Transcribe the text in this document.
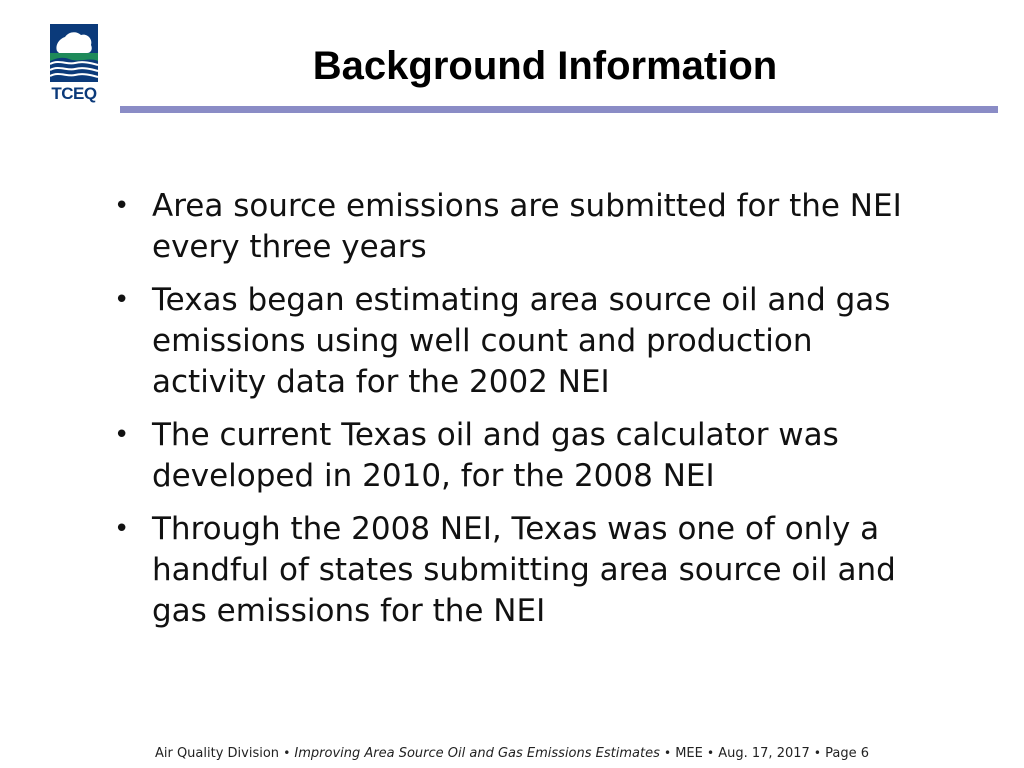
TCEQ
Background Information
• Area source emissions are submitted for the NEI every three years
• Texas began estimating area source oil and gas emissions using well count and production activity data for the 2002 NEI
• The current Texas oil and gas calculator was developed in 2010, for the 2008 NEI
• Through the 2008 NEI, Texas was one of only a handful of states submitting area source oil and gas emissions for the NEI
Air Quality Division • Improving Area Source Oil and Gas Emissions Estimates • MEE • Aug. 17, 2017 • Page 6
